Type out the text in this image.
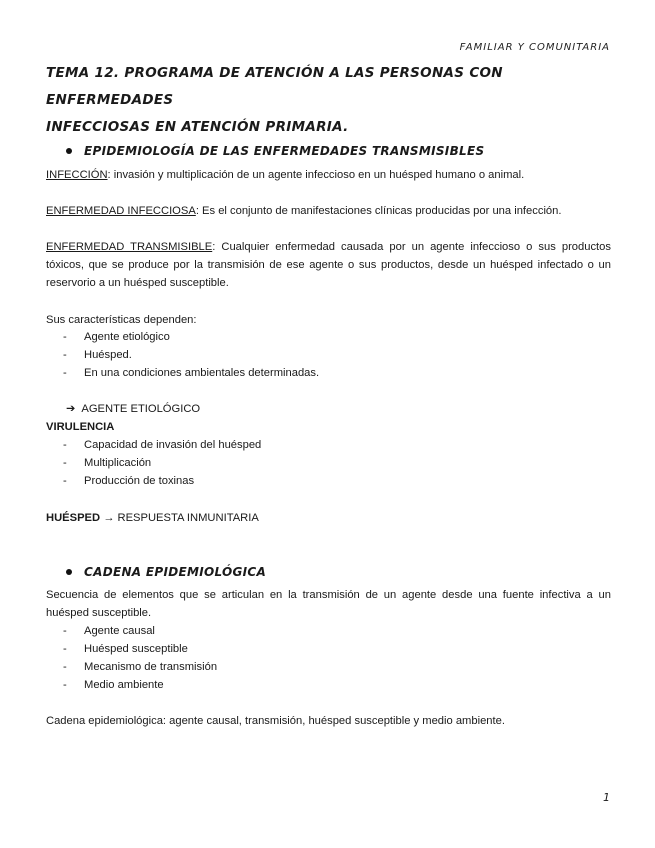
FAMILIAR Y COMUNITARIA
TEMA 12. PROGRAMA DE ATENCIÓN A LAS PERSONAS CON ENFERMEDADES
INFECCIOSAS EN ATENCIÓN PRIMARIA.
EPIDEMIOLOGÍA DE LAS ENFERMEDADES TRANSMISIBLES

INFECCIÓN: invasión y multiplicación de un agente infeccioso en un huésped humano o animal.

ENFERMEDAD INFECCIOSA: Es el conjunto de manifestaciones clínicas producidas por una infección.

ENFERMEDAD TRANSMISIBLE: Cualquier enfermedad causada por un agente infeccioso o sus productos tóxicos, que se produce por la transmisión de ese agente o sus productos, desde un huésped infectado o un reservorio a un huésped susceptible.

Sus características dependen:

- Agente etiológico
- Huésped.
- En una condiciones ambientales determinadas.

➔ AGENTE ETIOLÓGICO

VIRULENCIA

- Capacidad de invasión del huésped
- Multiplicación
- Producción de toxinas

HUÉSPED → RESPUESTA INMUNITARIA

CADENA EPIDEMIOLÓGICA

Secuencia de elementos que se articulan en la transmisión de un agente desde una fuente infectiva a un huésped susceptible.

- Agente causal
- Huésped susceptible
- Mecanismo de transmisión
- Medio ambiente

Cadena epidemiológica: agente causal, transmisión, huésped susceptible y medio ambiente.

1
